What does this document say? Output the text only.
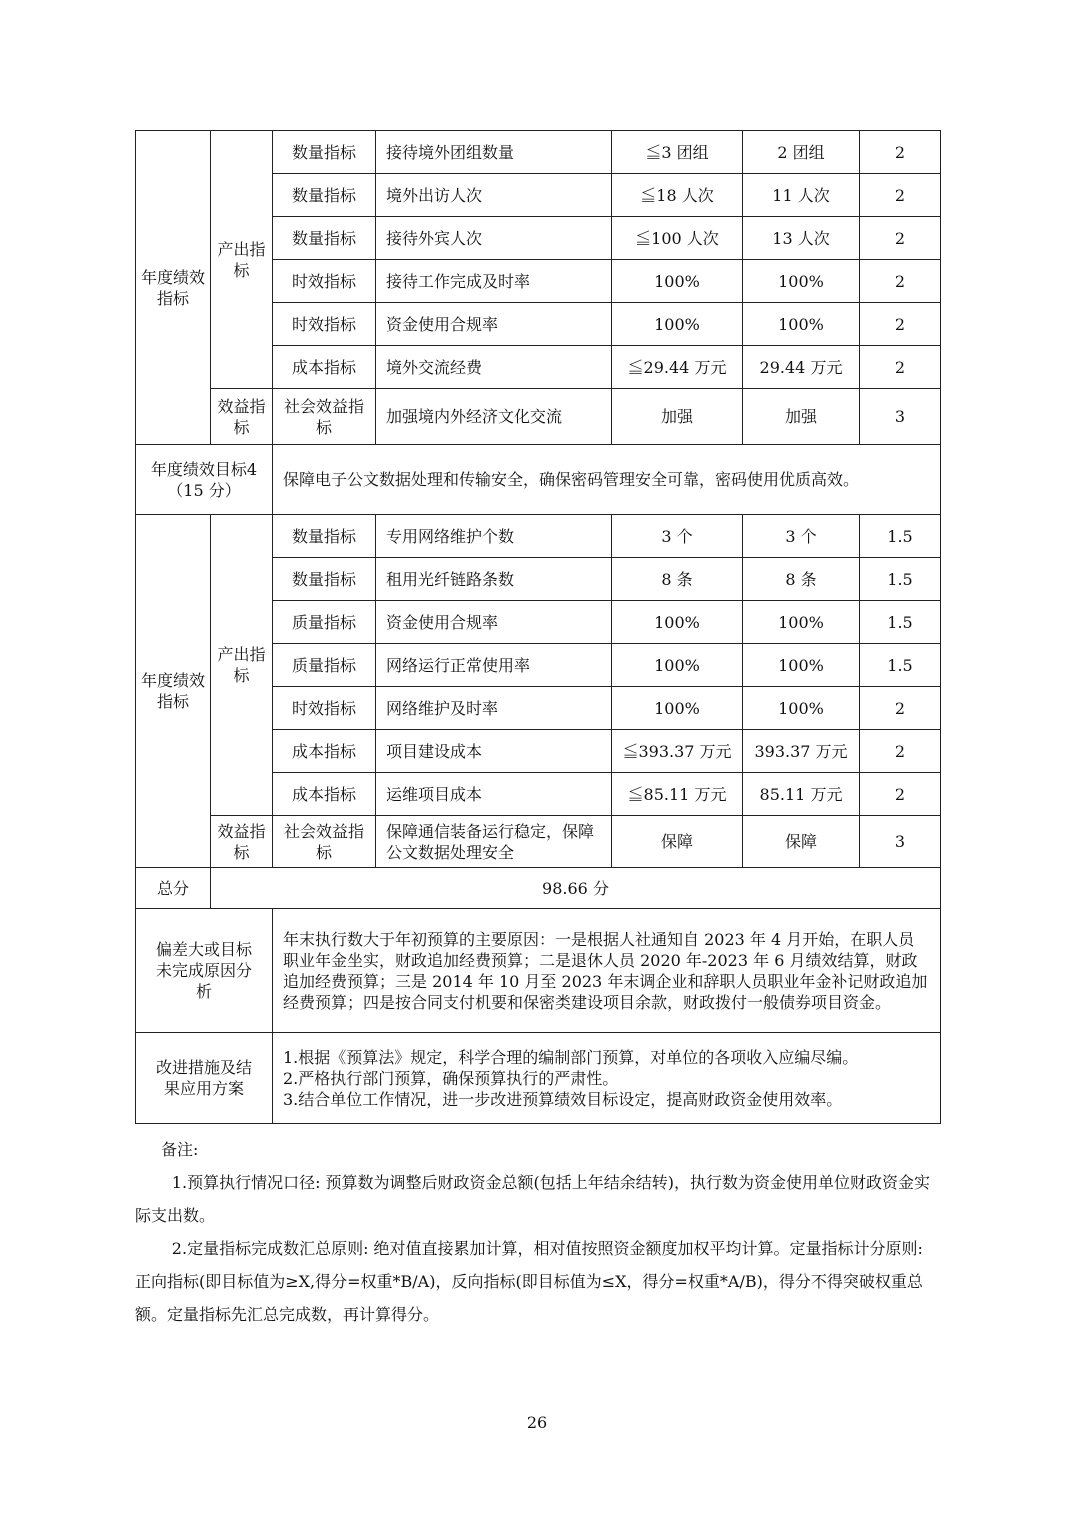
年度绩效指标	产出指标	数量指标	接待境外团组数量	≦3 团组	2 团组	2
		数量指标	境外出访人次	≦18 人次	11 人次	2
		数量指标	接待外宾人次	≦100 人次	13 人次	2
		时效指标	接待工作完成及时率	100%	100%	2
		时效指标	资金使用合规率	100%	100%	2
		成本指标	境外交流经费	≦29.44 万元	29.44 万元	2
	效益指标	社会效益指标	加强境内外经济文化交流	加强	加强	3
年度绩效目标4（15 分）		保障电子公文数据处理和传输安全，确保密码管理安全可靠，密码使用优质高效。				
年度绩效指标	产出指标	数量指标	专用网络维护个数	3 个	3 个	1.5
		数量指标	租用光纤链路条数	8 条	8 条	1.5
		质量指标	资金使用合规率	100%	100%	1.5
		质量指标	网络运行正常使用率	100%	100%	1.5
		时效指标	网络维护及时率	100%	100%	2
		成本指标	项目建设成本	≦393.37 万元	393.37 万元	2
		成本指标	运维项目成本	≦85.11 万元	85.11 万元	2
	效益指标	社会效益指标	保障通信装备运行稳定，保障公文数据处理安全	保障	保障	3
总分	98.66 分					
偏差大或目标未完成原因分析		年末执行数大于年初预算的主要原因：一是根据人社通知自 2023 年 4 月开始，在职人员职业年金坐实，财政追加经费预算；二是退休人员 2020 年-2023 年 6 月绩效结算，财政追加经费预算；三是 2014 年 10 月至 2023 年末调企业和辞职人员职业年金补记财政追加经费预算；四是按合同支付机要和保密类建设项目余款，财政拨付一般债券项目资金。				
改进措施及结果应用方案		1.根据《预算法》规定，科学合理的编制部门预算，对单位的各项收入应编尽编。
2.严格执行部门预算，确保预算执行的严肃性。
3.结合单位工作情况，进一步改进预算绩效目标设定，提高财政资金使用效率。				

备注:

1.预算执行情况口径: 预算数为调整后财政资金总额(包括上年结余结转)，执行数为资金使用单位财政资金实际支出数。

2.定量指标完成数汇总原则: 绝对值直接累加计算，相对值按照资金额度加权平均计算。定量指标计分原则: 正向指标(即目标值为≥X,得分=权重*B/A)，反向指标(即目标值为≤X，得分=权重*A/B)，得分不得突破权重总额。定量指标先汇总完成数，再计算得分。

26
